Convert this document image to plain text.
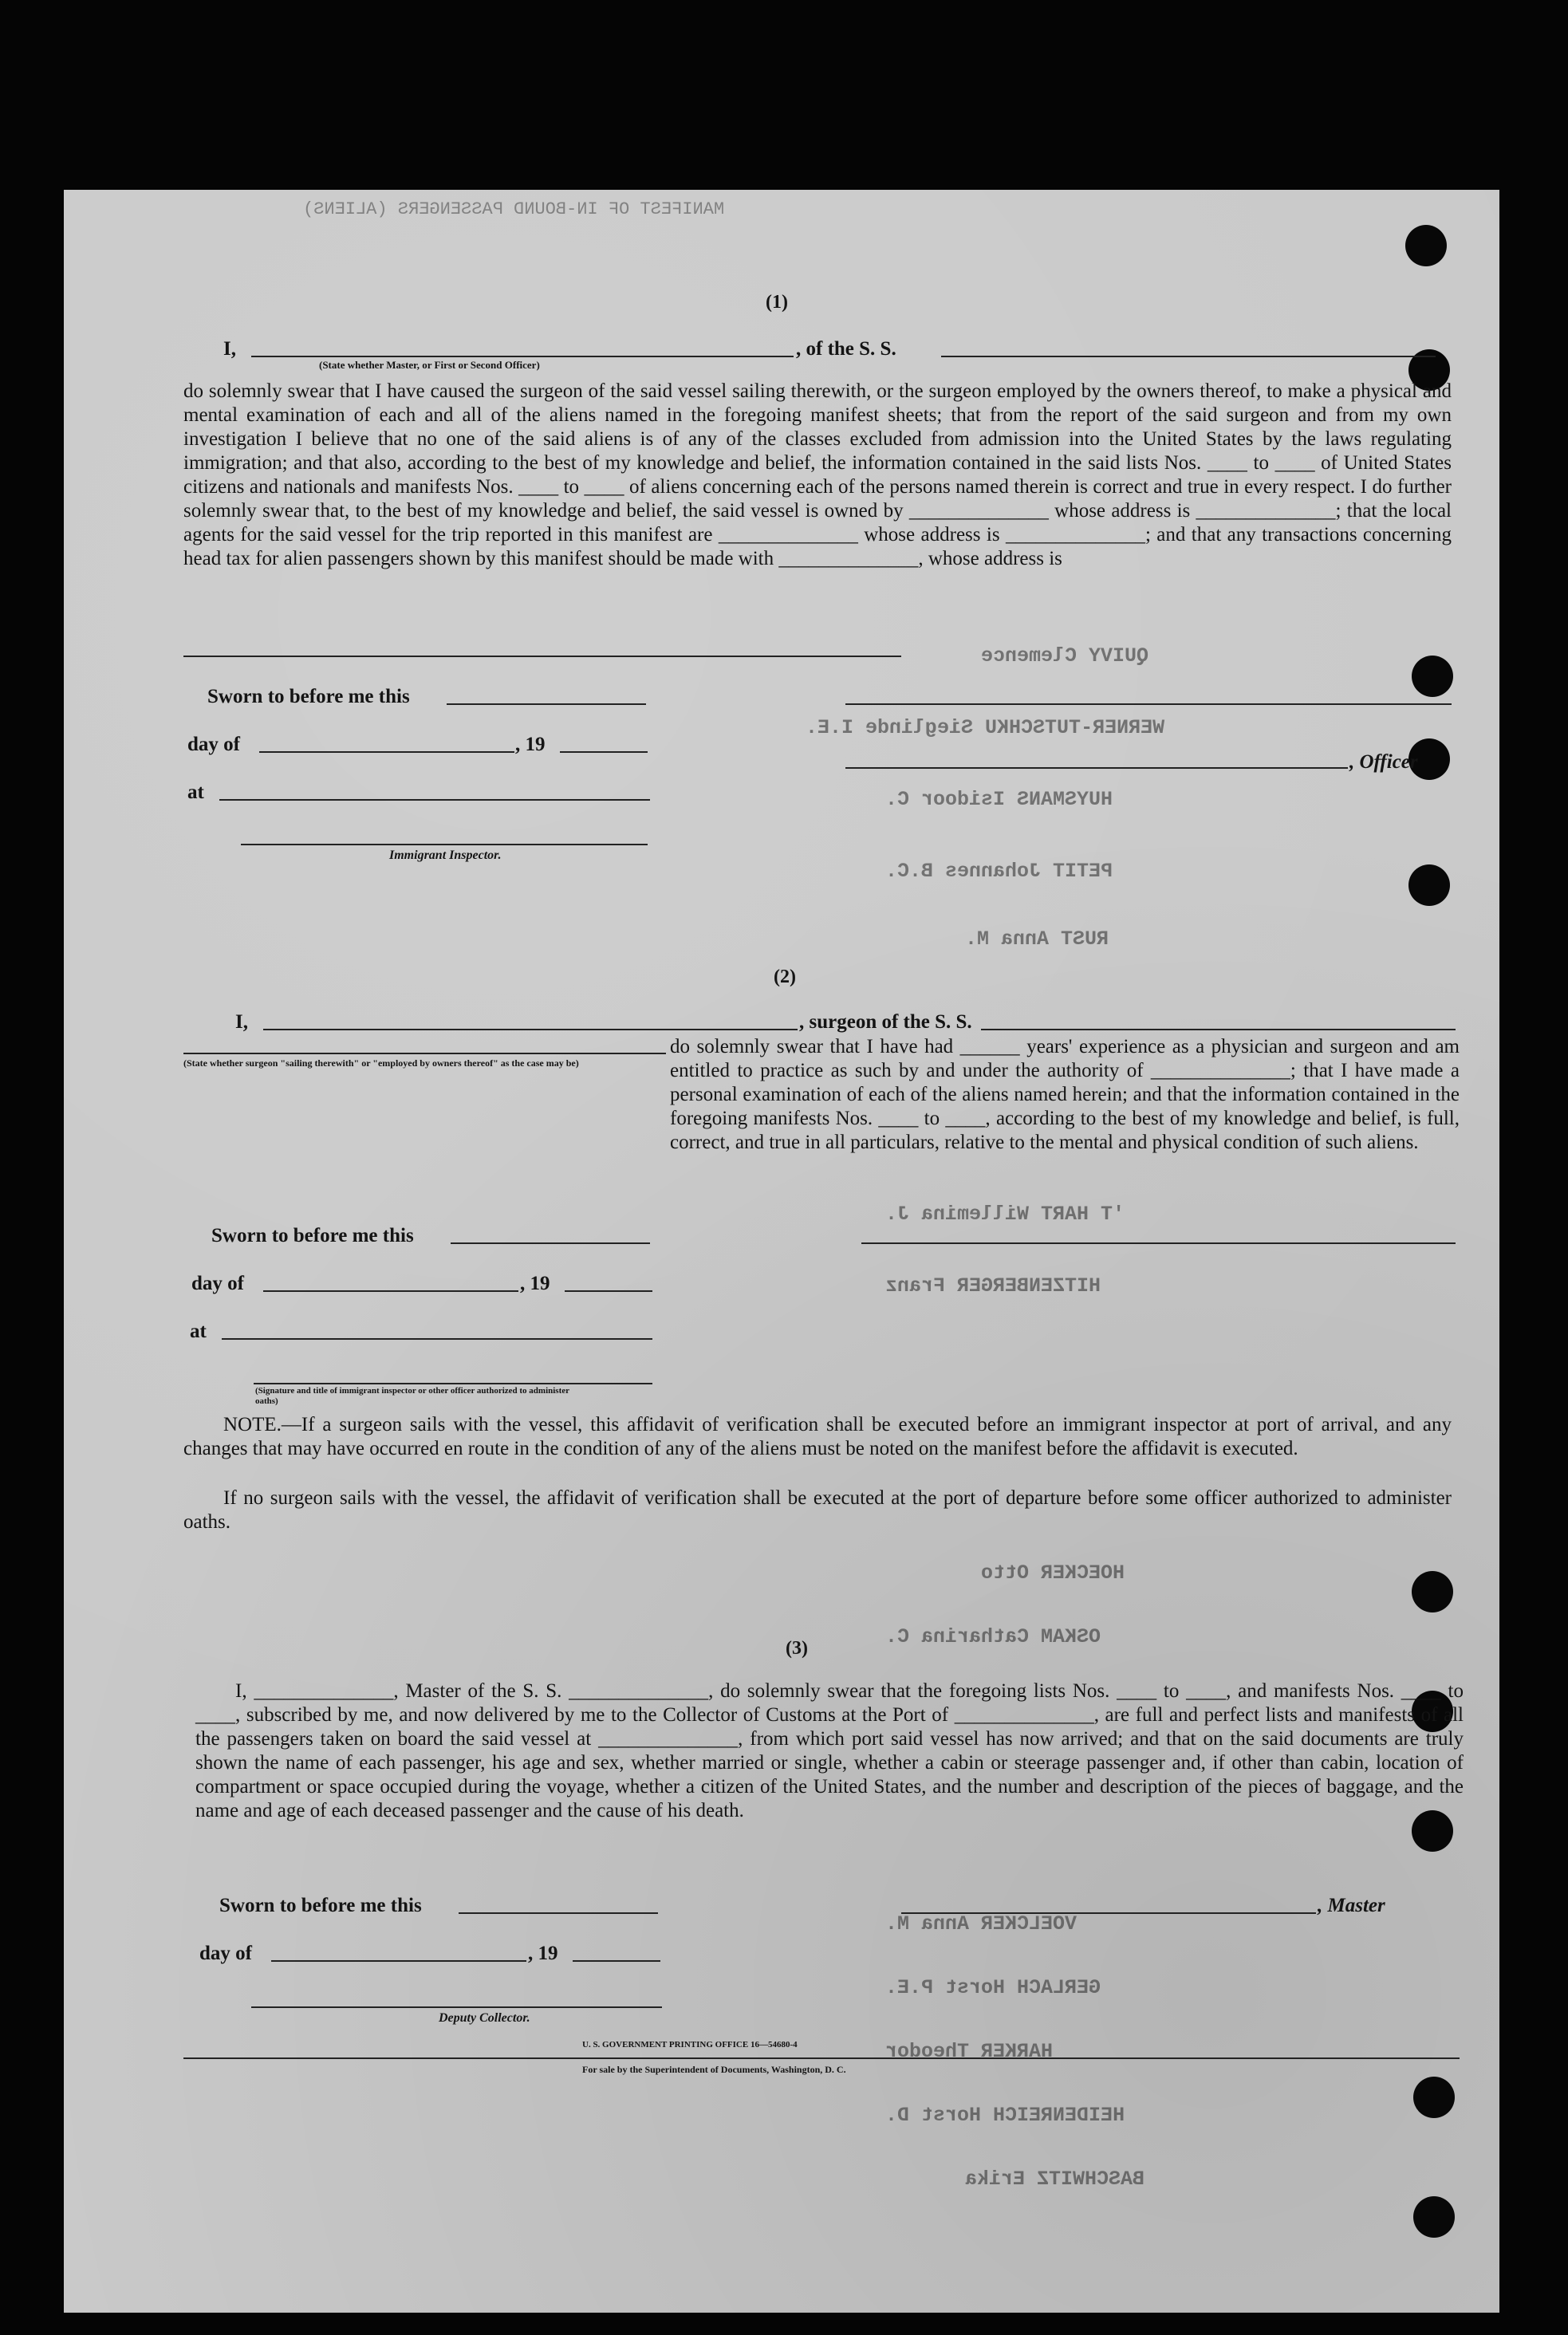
MANIFEST OF IN-BOUND PASSENGERS (ALIENS)
QUIVY Clemence
WERNER-TUTSCHKU Sieglinde I.E.
HUYSMANS Isidoor C.
PETIT Johannes B.C.
RUST Anna M.
'T HART Willemina J.
HITZENBERGER Franz
HOECKER Otto
OSKAM Catharina C.
VOELCKER Anna M.
GERLACH Horst P.E.
HARKER Theodor
HEIDENREICH Horst D.
BASCHWITZ Erika
(1)
I,	, of the S. S.
(State whether Master, or First or Second Officer)

do solemnly swear that I have caused the surgeon of the said vessel sailing therewith, or the surgeon employed by the owners thereof, to make a physical and mental examination of each and all of the aliens named in the foregoing manifest sheets; that from the report of the said surgeon and from my own investigation I believe that no one of the said aliens is of any of the classes excluded from admission into the United States by the laws regulating immigration; and that also, according to the best of my knowledge and belief, the information contained in the said lists Nos. ____ to ____ of United States citizens and nationals and manifests Nos. ____ to ____ of aliens concerning each of the persons named therein is correct and true in every respect. I do further solemnly swear that, to the best of my knowledge and belief, the said vessel is owned by ______________ whose address is ______________; that the local agents for the said vessel for the trip reported in this manifest are ______________ whose address is ______________; and that any transactions concerning head tax for alien passengers shown by this manifest should be made with ______________, whose address is

Sworn to before me this
day of	, 19
, Officer
at
Immigrant Inspector.
(2)
I,	, surgeon of the S. S.

do solemnly swear that I have had ______ years' experience as a physician and surgeon and am entitled to practice as such by and under the authority of ______________; that I have made a personal examination of each of the aliens named herein; and that the information contained in the foregoing manifests Nos. ____ to ____, according to the best of my knowledge and belief, is full, correct, and true in all particulars, relative to the mental and physical condition of such aliens.

(State whether surgeon "sailing therewith" or "employed by owners thereof" as the case may be)
Sworn to before me this
day of	, 19
at
(Signature and title of immigrant inspector or other officer authorized to administer oaths)

NOTE.—If a surgeon sails with the vessel, this affidavit of verification shall be executed before an immigrant inspector at port of arrival, and any changes that may have occurred en route in the condition of any of the aliens must be noted on the manifest before the affidavit is executed.

If no surgeon sails with the vessel, the affidavit of verification shall be executed at the port of departure before some officer authorized to administer oaths.

(3)

I, ______________, Master of the S. S. ______________, do solemnly swear that the foregoing lists Nos. ____ to ____, and manifests Nos. ____ to ____, subscribed by me, and now delivered by me to the Collector of Customs at the Port of ______________, are full and perfect lists and manifests of all the passengers taken on board the said vessel at ______________, from which port said vessel has now arrived; and that on the said documents are truly shown the name of each passenger, his age and sex, whether married or single, whether a cabin or steerage passenger and, if other than cabin, location of compartment or space occupied during the voyage, whether a citizen of the United States, and the number and description of the pieces of baggage, and the name and age of each deceased passenger and the cause of his death.

Sworn to before me this	, Master
day of	, 19
Deputy Collector.
U. S. GOVERNMENT PRINTING OFFICE 16—54680-4
For sale by the Superintendent of Documents, Washington, D. C.
